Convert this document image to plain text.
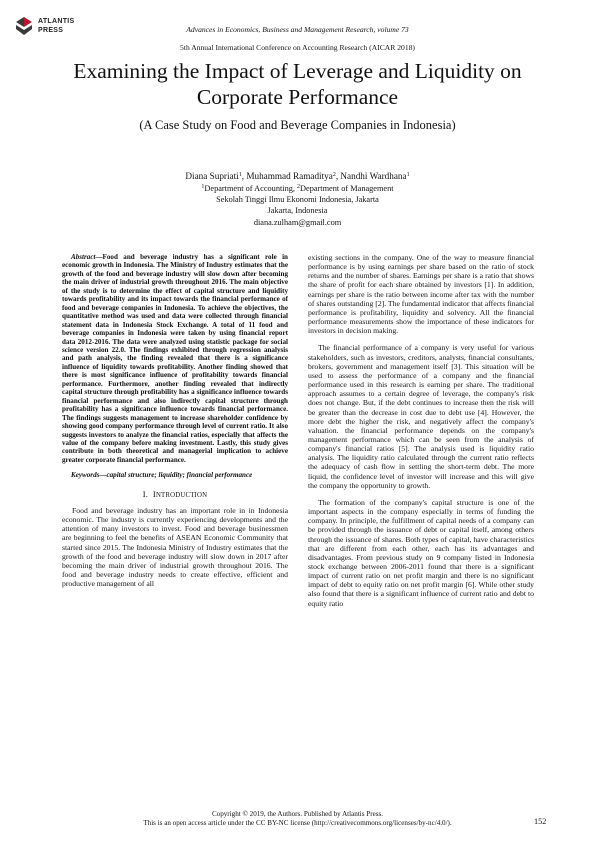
ATLANTIS
PRESS	Advances in Economics, Business and Management Research, volume 73
5th Annual International Conference on Accounting Research (AICAR 2018)
Examining the Impact of Leverage and Liquidity on Corporate Performance
(A Case Study on Food and Beverage Companies in Indonesia)
Diana Supriati$^1$, Muhammad Ramaditya$^2$, Nandhi Wardhana$^1$
$^1$Department of Accounting, $^2$Department of Management
Sekolah Tinggi Ilmu Ekonomi Indonesia, Jakarta
Jakarta, Indonesia
diana.zulham@gmail.com

Abstract—Food and beverage industry has a significant role in economic growth in Indonesia. The Ministry of Industry estimates that the growth of the food and beverage industry will slow down after becoming the main driver of industrial growth throughout 2016. The main objective of the study is to determine the effect of capital structure and liquidity towards profitability and its impact towards the financial performance of food and beverage companies in Indonesia. To achieve the objectives, the quantitative method was used and data were collected through financial statement data in Indonesia Stock Exchange. A total of 11 food and beverage companies in Indonesia were taken by using financial report data 2012-2016. The data were analyzed using statistic package for social science version 22.0. The findings exhibited through regression analysis and path analysis, the finding revealed that there is a significance influence of liquidity towards profitability. Another finding showed that there is most significance influence of profitability towards financial performance. Furthermore, another finding revealed that indirectly capital structure through profitability has a significance influence towards financial performance and also indirectly capital structure through profitability has a significance influence towards financial performance. The findings suggests management to increase shareholder confidence by showing good company performance through level of current ratio. It also suggests investors to analyze the financial ratios, especially that affects the value of the company before making investment. Lastly, this study gives contribute in both theoretical and managerial implication to achieve greater corporate financial performance.

Keywords—capital structure; liquidity; financial performance

I. INTRODUCTION

Food and beverage industry has an important role in in Indonesia economic. The industry is currently experiencing developments and the attention of many investors to invest. Food and beverage businessmen are beginning to feel the benefits of ASEAN Economic Community that started since 2015. The Indonesia Ministry of Industry estimates that the growth of the food and beverage industry will slow down in 2017 after becoming the main driver of industrial growth throughout 2016. The food and beverage industry needs to create effective, efficient and productive management of all

existing sections in the company. One of the way to measure financial performance is by using earnings per share based on the ratio of stock returns and the number of shares. Earnings per share is a ratio that shows the share of profit for each share obtained by investors [1]. In addition, earnings per share is the ratio between income after tax with the number of shares outstanding [2]. The fundamental indicator that affects financial performance is profitability, liquidity and solvency. All the financial performance measurements show the importance of these indicators for investors in decision making.

The financial performance of a company is very useful for various stakeholders, such as investors, creditors, analysts, financial consultants, brokers, government and management itself [3]. This situation will be used to assess the performance of a company and the financial performance used in this research is earning per share. The traditional approach assumes to a certain degree of leverage, the company's risk does not change. But, if the debt continues to increase then the risk will be greater than the decrease in cost due to debt use [4]. However, the more debt the higher the risk, and negatively affect the company's valuation. the financial performance depends on the company's management performance which can be seen from the analysis of company's financial ratios [5]. The analysis used is liquidity ratio analysis. The liquidity ratio calculated through the current ratio reflects the adequacy of cash flow in settling the short-term debt. The more liquid, the confidence level of investor will increase and this will give the company the opportunity to growth.

The formation of the company's capital structure is one of the important aspects in the company especially in terms of funding the company. In principle, the fulfillment of capital needs of a company can be provided through the issuance of debt or capital itself, among others through the issuance of shares. Both types of capital, have characteristics that are different from each other, each has its advantages and disadvantages. From previous study on 9 company listed in Indonesia stock exchange between 2006-2011 found that there is a significant impact of current ratio on net profit margin and there is no significant impact of debt to equity ratio on net profit margin [6]. While other study also found that there is a significant influence of current ratio and debt to equity ratio

Copyright © 2019, the Authors. Published by Atlantis Press.
This is an open access article under the CC BY-NC license (http://creativecommons.org/licenses/by-nc/4.0/).	152
